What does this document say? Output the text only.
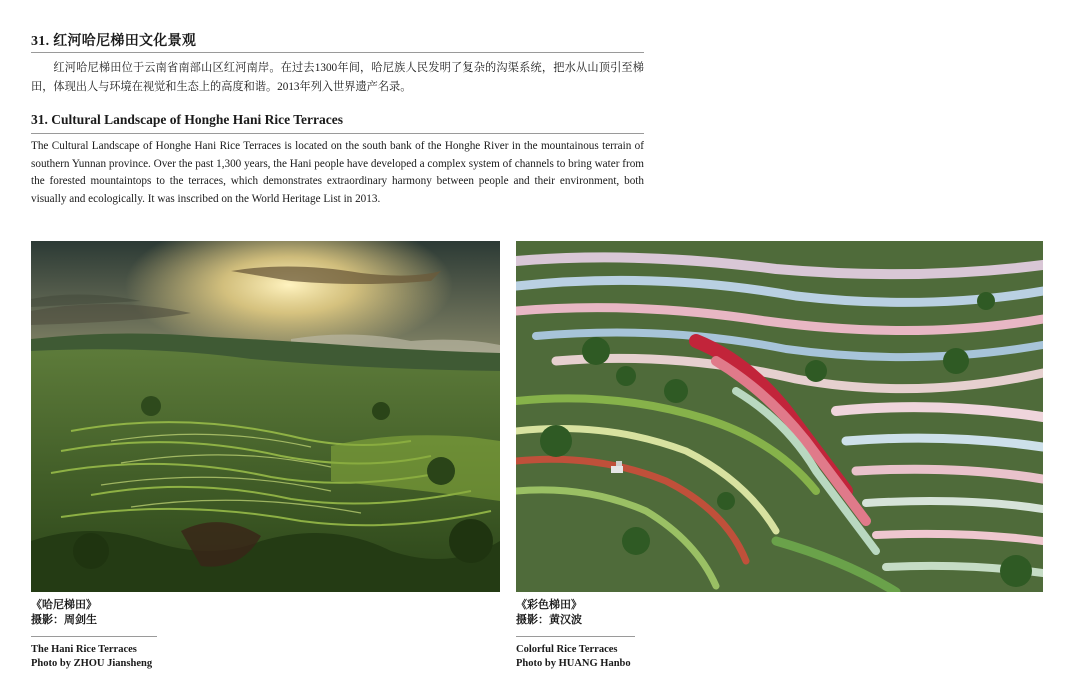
31. 红河哈尼梯田文化景观
红河哈尼梯田位于云南省南部山区红河南岸。在过去1300年间，哈尼族人民发明了复杂的沟渠系统，把水从山顶引至梯田，体现出人与环境在视觉和生态上的高度和谐。2013年列入世界遗产名录。
31. Cultural Landscape of Honghe Hani Rice Terraces
The Cultural Landscape of Honghe Hani Rice Terraces is located on the south bank of the Honghe River in the mountainous terrain of southern Yunnan province. Over the past 1,300 years, the Hani people have developed a complex system of channels to bring water from the forested mountaintops to the terraces, which demonstrates extraordinary harmony between people and their environment, both visually and ecologically. It was inscribed on the World Heritage List in 2013.
《哈尼梯田》
摄影：周剑生
The Hani Rice Terraces
Photo by ZHOU Jiansheng
《彩色梯田》
摄影：黄汉波
Colorful Rice Terraces
Photo by HUANG Hanbo
